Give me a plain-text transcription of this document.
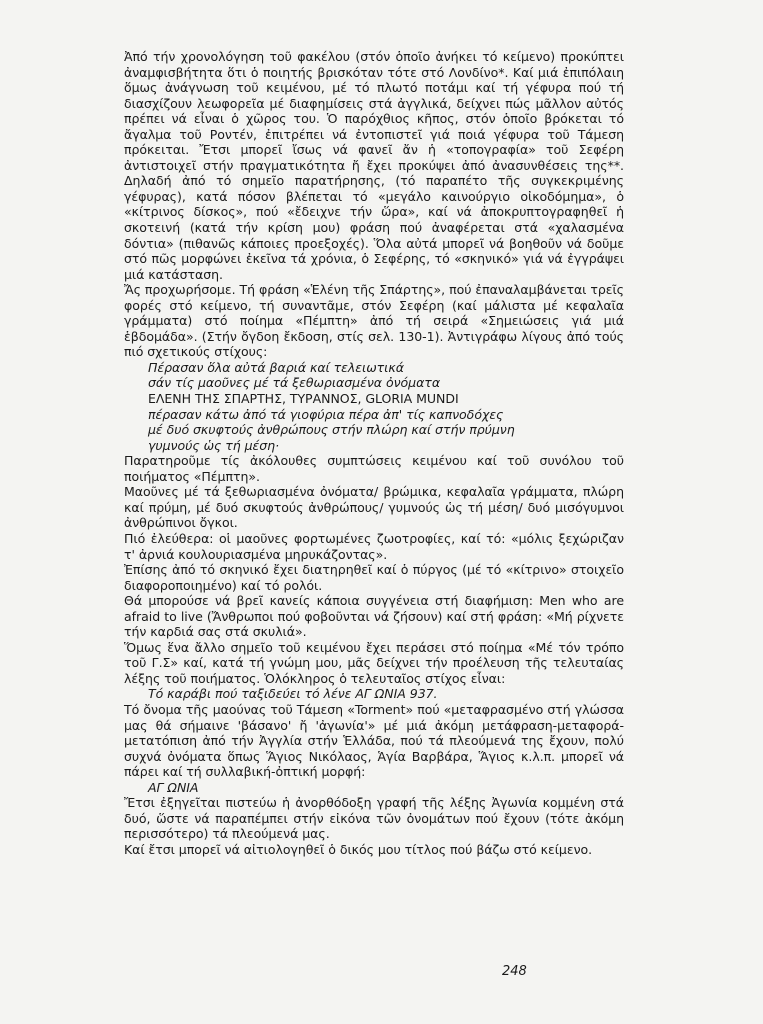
Ἀπό τήν χρονολόγηση τοῦ φακέλου (στόν ὁποῖο ἀνήκει τό κείμενο) προκύπτει ἀναμφισβήτητα ὅτι ὁ ποιητής βρισκόταν τότε στό Λονδίνο*. Καί μιά ἐπιπόλαιη ὅμως ἀνάγνωση τοῦ κειμένου, μέ τό πλωτό ποτάμι καί τή γέφυρα πού τή διασχίζουν λεωφορεῖα μέ διαφημίσεις στά ἀγγλικά, δείχνει πώς μᾶλλον αὐτός πρέπει νά εἶναι ὁ χῶρος του. Ὁ παρόχθιος κῆπος, στόν ὁποῖο βρόκεται τό ἄγαλμα τοῦ Ροντέν, ἐπιτρέπει νά ἐντοπιστεῖ γιά ποιά γέφυρα τοῦ Τάμεση πρόκειται. Ἔτσι μπορεῖ ἴσως νά φανεῖ ἄν ἡ «τοπογραφία» τοῦ Σεφέρη ἀντιστοιχεῖ στήν πραγματικότητα ἤ ἔχει προκύψει ἀπό ἀνασυνθέσεις της**. Δηλαδή ἀπό τό σημεῖο παρατήρησης, (τό παραπέτο τῆς συγκεκριμένης γέφυρας), κατά πόσον βλέπεται τό «μεγάλο καινούργιο οἰκοδόμημα», ὁ «κίτρινος δίσκος», πού «ἔδειχνε τήν ὥρα», καί νά ἀποκρυπτογραφηθεῖ ἡ σκοτεινή (κατά τήν κρίση μου) φράση πού ἀναφέρεται στά «χαλασμένα δόντια» (πιθανῶς κάποιες προεξοχές). Ὅλα αὐτά μπορεῖ νά βοηθοῦν νά δοῦμε στό πῶς μορφώνει ἐκεῖνα τά χρόνια, ὁ Σεφέρης, τό «σκηνικό» γιά νά ἐγγράψει μιά κατάσταση.

Ἄς προχωρήσομε. Τή φράση «Ἑλένη τῆς Σπάρτης», πού ἐπαναλαμβάνεται τρεῖς φορές στό κείμενο, τή συναντᾶμε, στόν Σεφέρη (καί μάλιστα μέ κεφαλαῖα γράμματα) στό ποίημα «Πέμπτη» ἀπό τή σειρά «Σημειώσεις γιά μιά ἑβδομάδα». (Στήν ὄγδοη ἔκδοση, στίς σελ. 130-1). Ἀντιγράφω λίγους ἀπό τούς πιό σχετικούς στίχους:

Πέρασαν ὅλα αὐτά βαριά καί τελειωτικά

σάν τίς μαοῦνες μέ τά ξεθωριασμένα ὀνόματα

ΕΛΕΝΗ ΤΗΣ ΣΠΑΡΤΗΣ, ΤΥΡΑΝΝΟΣ, GLORIA MUNDI

πέρασαν κάτω ἀπό τά γιοφύρια πέρα ἀπ' τίς καπνοδόχες

μέ δυό σκυφτούς ἀνθρώπους στήν πλώρη καί στήν πρύμνη

γυμνούς ὡς τή μέση·

Παρατηροῦμε τίς ἀκόλουθες συμπτώσεις κειμένου καί τοῦ συνόλου τοῦ ποιήματος «Πέμπτη».

Μαοῦνες μέ τά ξεθωριασμένα ὀνόματα/ βρώμικα, κεφαλαῖα γράμματα, πλώρη καί πρύμη, μέ δυό σκυφτούς ἀνθρώπους/ γυμνούς ὡς τή μέση/ δυό μισόγυμνοι ἀνθρώπινοι ὄγκοι.

Πιό ἐλεύθερα: οἱ μαοῦνες φορτωμένες ζωοτροφίες, καί τό: «μόλις ξεχώριζαν τ' ἀρνιά κουλουριασμένα μηρυκάζοντας».

Ἐπίσης ἀπό τό σκηνικό ἔχει διατηρηθεῖ καί ὁ πύργος (μέ τό «κίτρινο» στοιχεῖο διαφοροποιημένο) καί τό ρολόι.

Θά μπορούσε νά βρεῖ κανείς κάποια συγγένεια στή διαφήμιση: Men who are afraid to live (Ἄνθρωποι πού φοβοῦνται νά ζήσουν) καί στή φράση: «Μή ρίχνετε τήν καρδιά σας στά σκυλιά».

Ὅμως ἕνα ἄλλο σημεῖο τοῦ κειμένου ἔχει περάσει στό ποίημα «Μέ τόν τρόπο τοῦ Γ.Σ» καί, κατά τή γνώμη μου, μᾶς δείχνει τήν προέλευση τῆς τελευταίας λέξης τοῦ ποιήματος. Ὁλόκληρος ὁ τελευταῖος στίχος εἶναι:

Τό καράβι πού ταξιδεύει τό λένε ΑΓ ΩΝΙΑ 937.

Τό ὄνομα τῆς μαούνας τοῦ Τάμεση «Torment» πού «μεταφρασμένο στή γλώσσα μας θά σήμαινε 'βάσανο' ἤ 'ἀγωνία'» μέ μιά ἀκόμη μετάφραση-μεταφορά-μετατόπιση ἀπό τήν Ἀγγλία στήν Ἑλλάδα, πού τά πλεούμενά της ἔχουν, πολύ συχνά ὀνόματα ὅπως Ἅγιος Νικόλαος, Ἁγία Βαρβάρα, Ἅγιος κ.λ.π. μπορεῖ νά πάρει καί τή συλλαβική-ὀπτική μορφή:

ΑΓ ΩΝΙΑ

Ἔτσι ἐξηγεῖται πιστεύω ἡ ἀνορθόδοξη γραφή τῆς λέξης Ἀγωνία κομμένη στά δυό, ὥστε νά παραπέμπει στήν εἰκόνα τῶν ὀνομάτων πού ἔχουν (τότε ἀκόμη περισσότερο) τά πλεούμενά μας.

Καί ἔτσι μπορεῖ νά αἰτιολογηθεῖ ὁ δικός μου τίτλος πού βάζω στό κείμενο.

248
